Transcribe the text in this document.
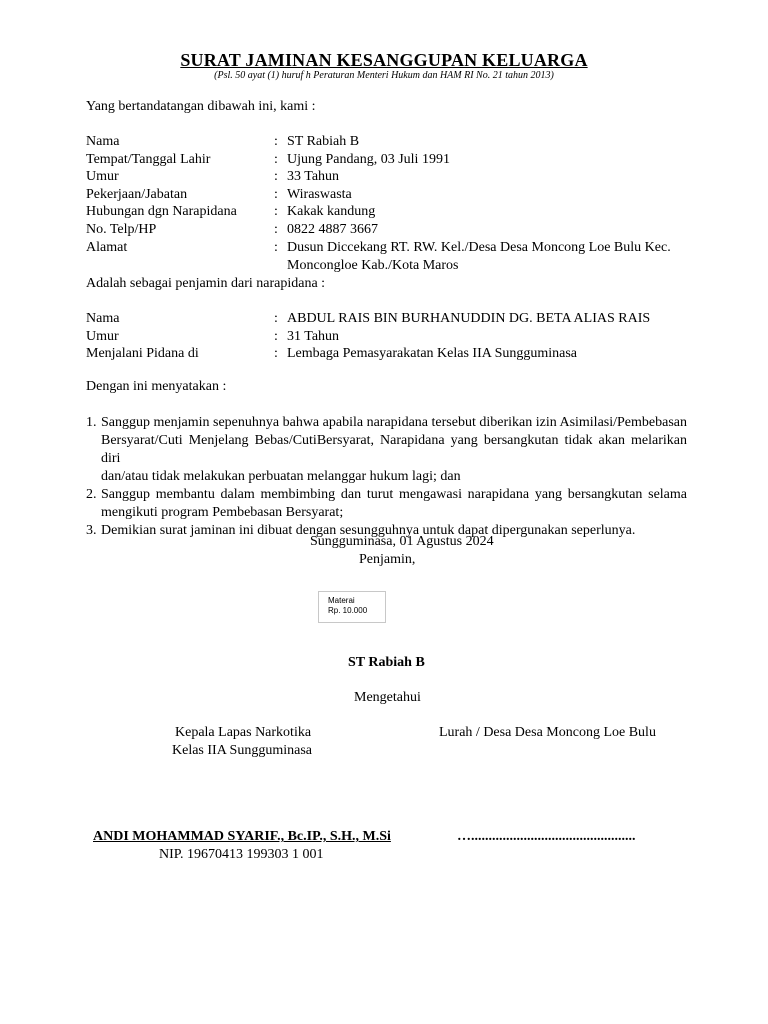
SURAT JAMINAN KESANGGUPAN KELUARGA
(Psl. 50 ayat (1) huruf h Peraturan Menteri Hukum dan HAM RI No. 21 tahun 2013)
Yang bertandatangan dibawah ini, kami :
Nama	: ST Rabiah B
Tempat/Tanggal Lahir	: Ujung Pandang, 03 Juli 1991
Umur	: 33 Tahun
Pekerjaan/Jabatan	: Wiraswasta
Hubungan dgn Narapidana	: Kakak kandung
No. Telp/HP	: 0822 4887 3667
Alamat	: Dusun Diccekang RT. RW. Kel./Desa Desa Moncong Loe Bulu Kec.
Moncongloe Kab./Kota Maros
Adalah sebagai penjamin dari narapidana :
Nama	: ABDUL RAIS BIN BURHANUDDIN DG. BETA ALIAS RAIS
Umur	: 31 Tahun
Menjalani Pidana di	: Lembaga Pemasyarakatan Kelas IIA Sungguminasa
Dengan ini menyatakan :
1. Sanggup menjamin sepenuhnya bahwa apabila narapidana tersebut diberikan izin Asimilasi/Pembebasan
Bersyarat/Cuti Menjelang Bebas/CutiBersyarat, Narapidana yang bersangkutan tidak akan melarikan diri
dan/atau tidak melakukan perbuatan melanggar hukum lagi; dan
2. Sanggup membantu dalam membimbing dan turut mengawasi narapidana yang bersangkutan selama
mengikuti program Pembebasan Bersyarat;
3. Demikian surat jaminan ini dibuat dengan sesungguhnya untuk dapat dipergunakan seperlunya.
Sungguminasa, 01 Agustus 2024
Penjamin,
Materai
Rp. 10.000
ST Rabiah B
Mengetahui
Kepala Lapas Narkotika
Kelas IIA Sungguminasa
Lurah / Desa Desa Moncong Loe Bulu
ANDI MOHAMMAD SYARIF., Bc.IP., S.H., M.Si
NIP. 19670413 199303 1 001
…...............................................
